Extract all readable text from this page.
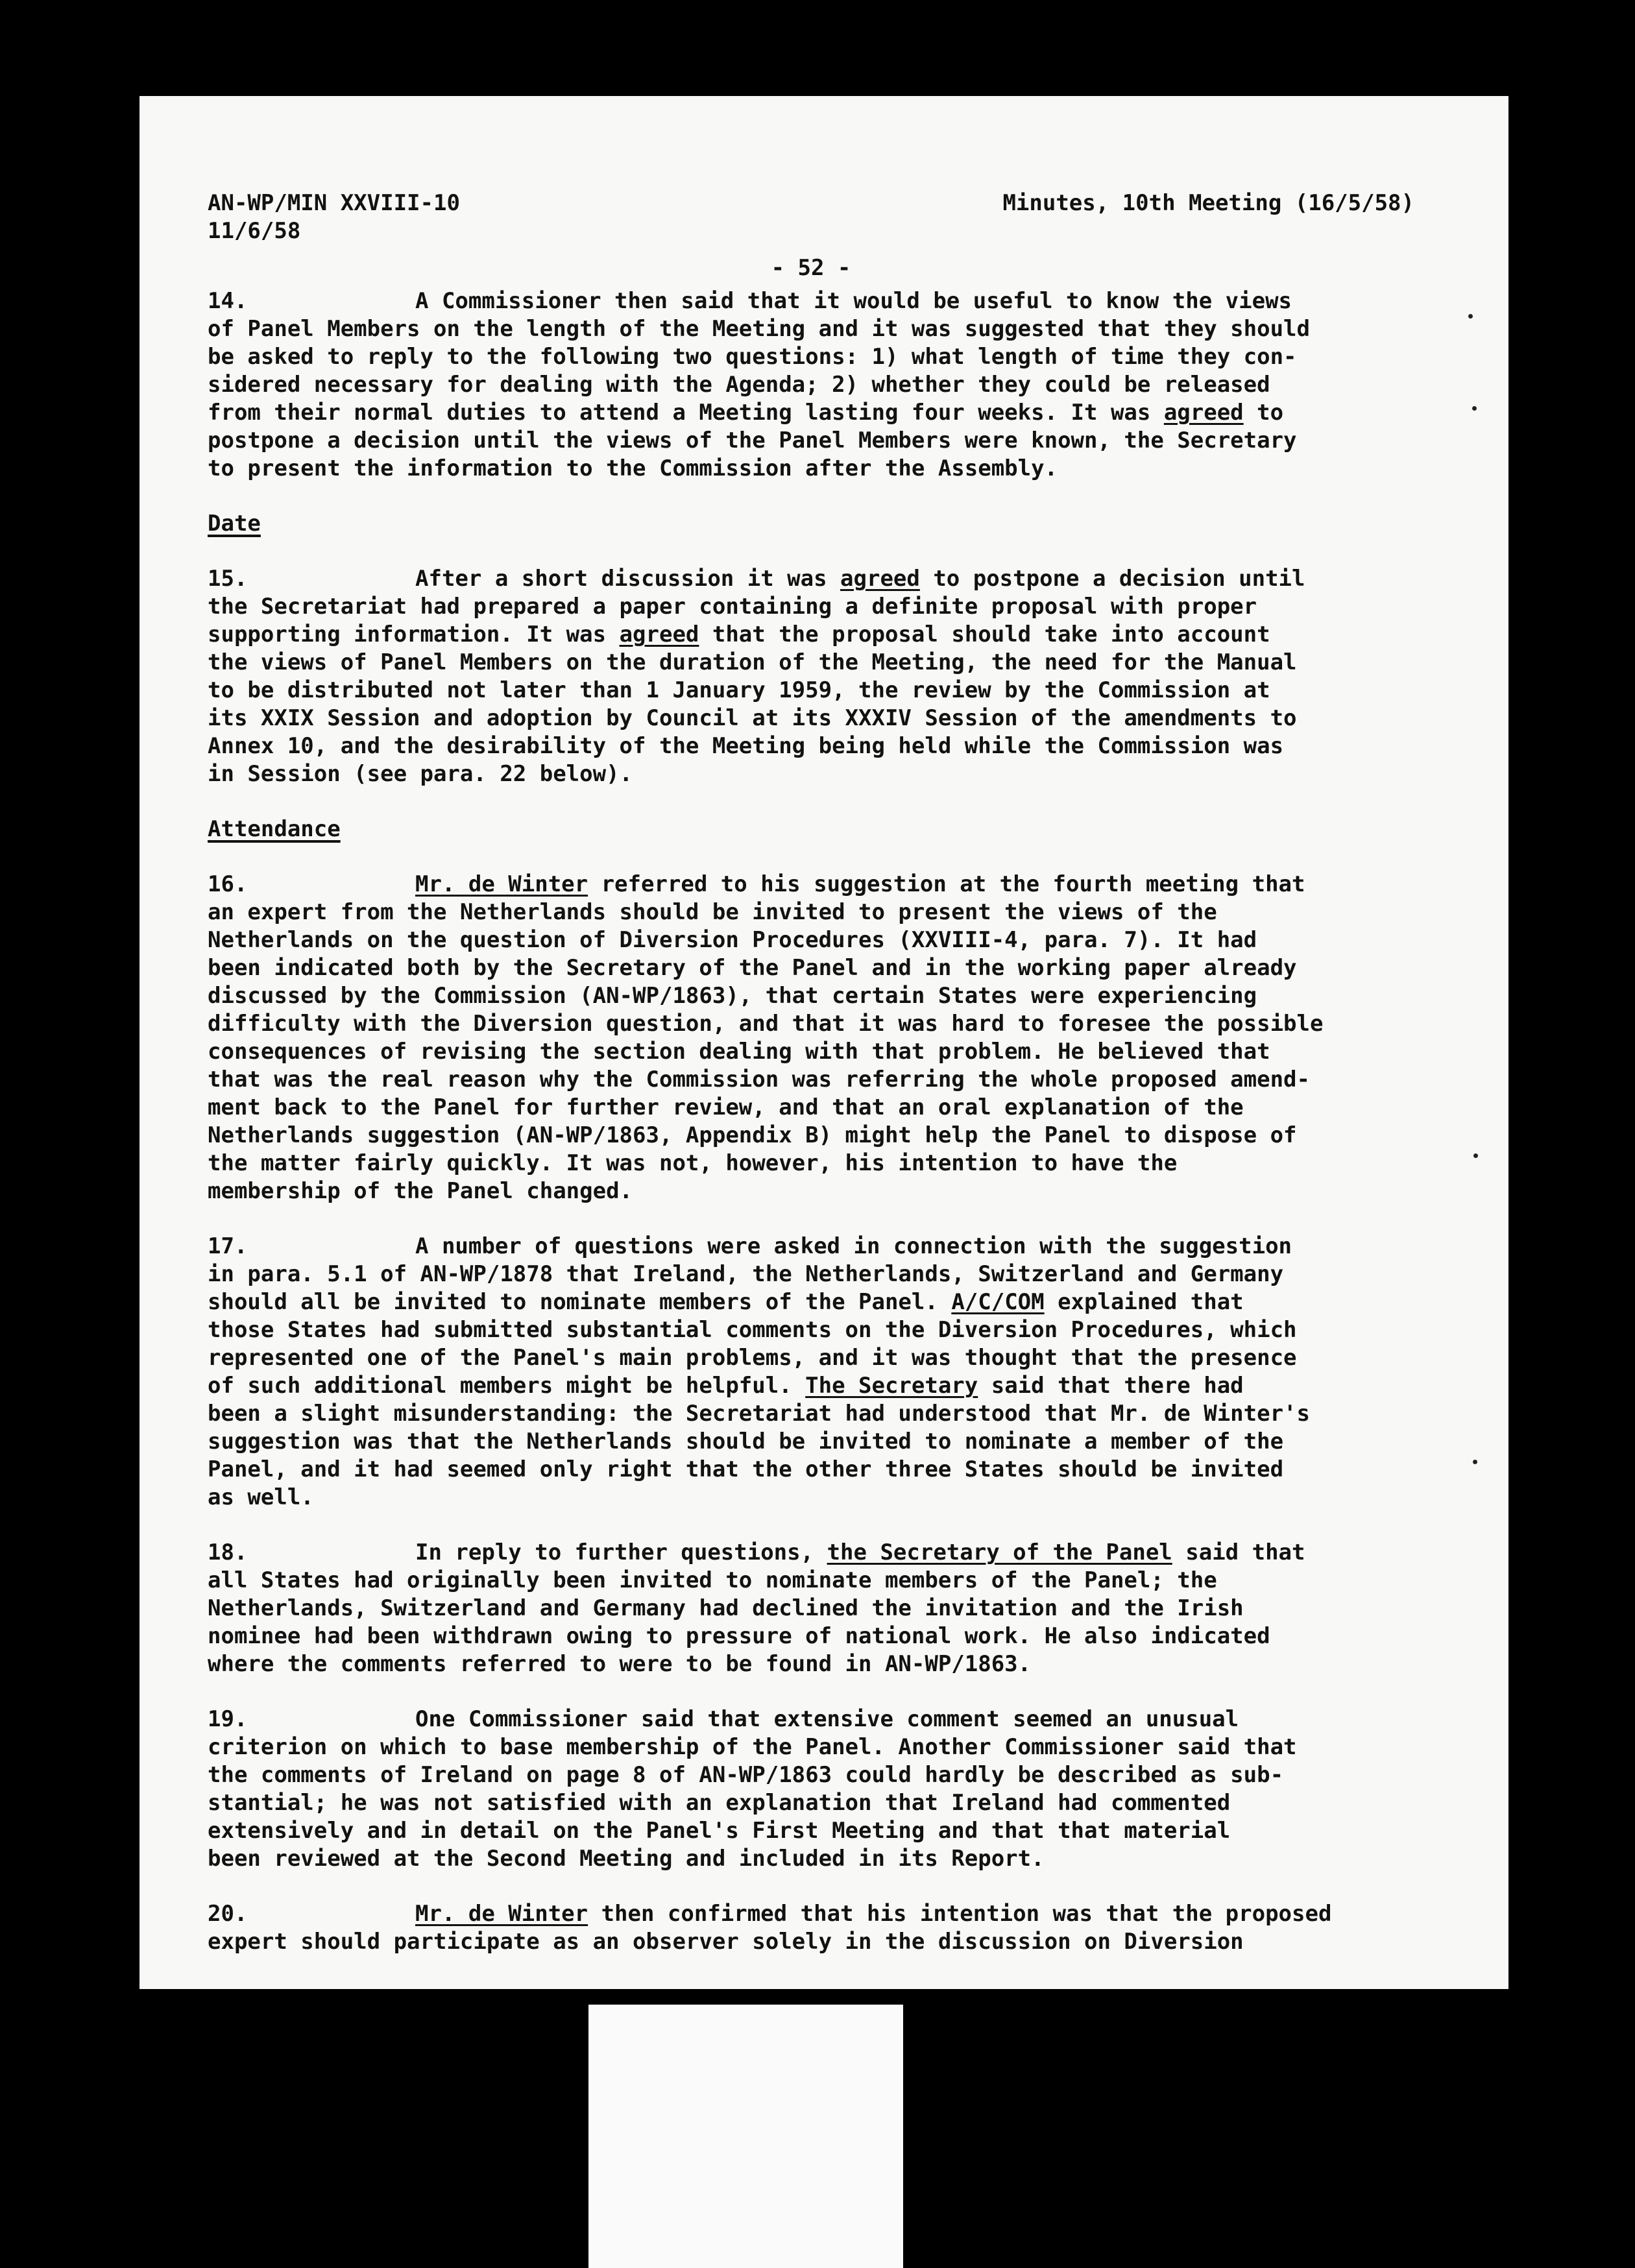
AN-WP/MIN XXVIII-10
11/6/58
Minutes, 10th Meeting (16/5/58)
- 52 -

14.	A Commissioner then said that it would be useful to know the views

of Panel Members on the length of the Meeting and it was suggested that they should

be asked to reply to the following two questions: 1) what length of time they con-

sidered necessary for dealing with the Agenda; 2) whether they could be released

from their normal duties to attend a Meeting lasting four weeks. It was agreed to

postpone a decision until the views of the Panel Members were known, the Secretary

to present the information to the Commission after the Assembly.

Date

15.	After a short discussion it was agreed to postpone a decision until

the Secretariat had prepared a paper containing a definite proposal with proper

supporting information. It was agreed that the proposal should take into account

the views of Panel Members on the duration of the Meeting, the need for the Manual

to be distributed not later than 1 January 1959, the review by the Commission at

its XXIX Session and adoption by Council at its XXXIV Session of the amendments to

Annex 10, and the desirability of the Meeting being held while the Commission was

in Session (see para. 22 below).

Attendance

16.	Mr. de Winter referred to his suggestion at the fourth meeting that

an expert from the Netherlands should be invited to present the views of the

Netherlands on the question of Diversion Procedures (XXVIII-4, para. 7). It had

been indicated both by the Secretary of the Panel and in the working paper already

discussed by the Commission (AN-WP/1863), that certain States were experiencing

difficulty with the Diversion question, and that it was hard to foresee the possible

consequences of revising the section dealing with that problem. He believed that

that was the real reason why the Commission was referring the whole proposed amend-

ment back to the Panel for further review, and that an oral explanation of the

Netherlands suggestion (AN-WP/1863, Appendix B) might help the Panel to dispose of

the matter fairly quickly. It was not, however, his intention to have the

membership of the Panel changed.

17.	A number of questions were asked in connection with the suggestion

in para. 5.1 of AN-WP/1878 that Ireland, the Netherlands, Switzerland and Germany

should all be invited to nominate members of the Panel. A/C/COM explained that

those States had submitted substantial comments on the Diversion Procedures, which

represented one of the Panel's main problems, and it was thought that the presence

of such additional members might be helpful. The Secretary said that there had

been a slight misunderstanding: the Secretariat had understood that Mr. de Winter's

suggestion was that the Netherlands should be invited to nominate a member of the

Panel, and it had seemed only right that the other three States should be invited

as well.

18.	In reply to further questions, the Secretary of the Panel said that

all States had originally been invited to nominate members of the Panel; the

Netherlands, Switzerland and Germany had declined the invitation and the Irish

nominee had been withdrawn owing to pressure of national work. He also indicated

where the comments referred to were to be found in AN-WP/1863.

19.	One Commissioner said that extensive comment seemed an unusual

criterion on which to base membership of the Panel. Another Commissioner said that

the comments of Ireland on page 8 of AN-WP/1863 could hardly be described as sub-

stantial; he was not satisfied with an explanation that Ireland had commented

extensively and in detail on the Panel's First Meeting and that that material

been reviewed at the Second Meeting and included in its Report.

20.	Mr. de Winter then confirmed that his intention was that the proposed

expert should participate as an observer solely in the discussion on Diversion
